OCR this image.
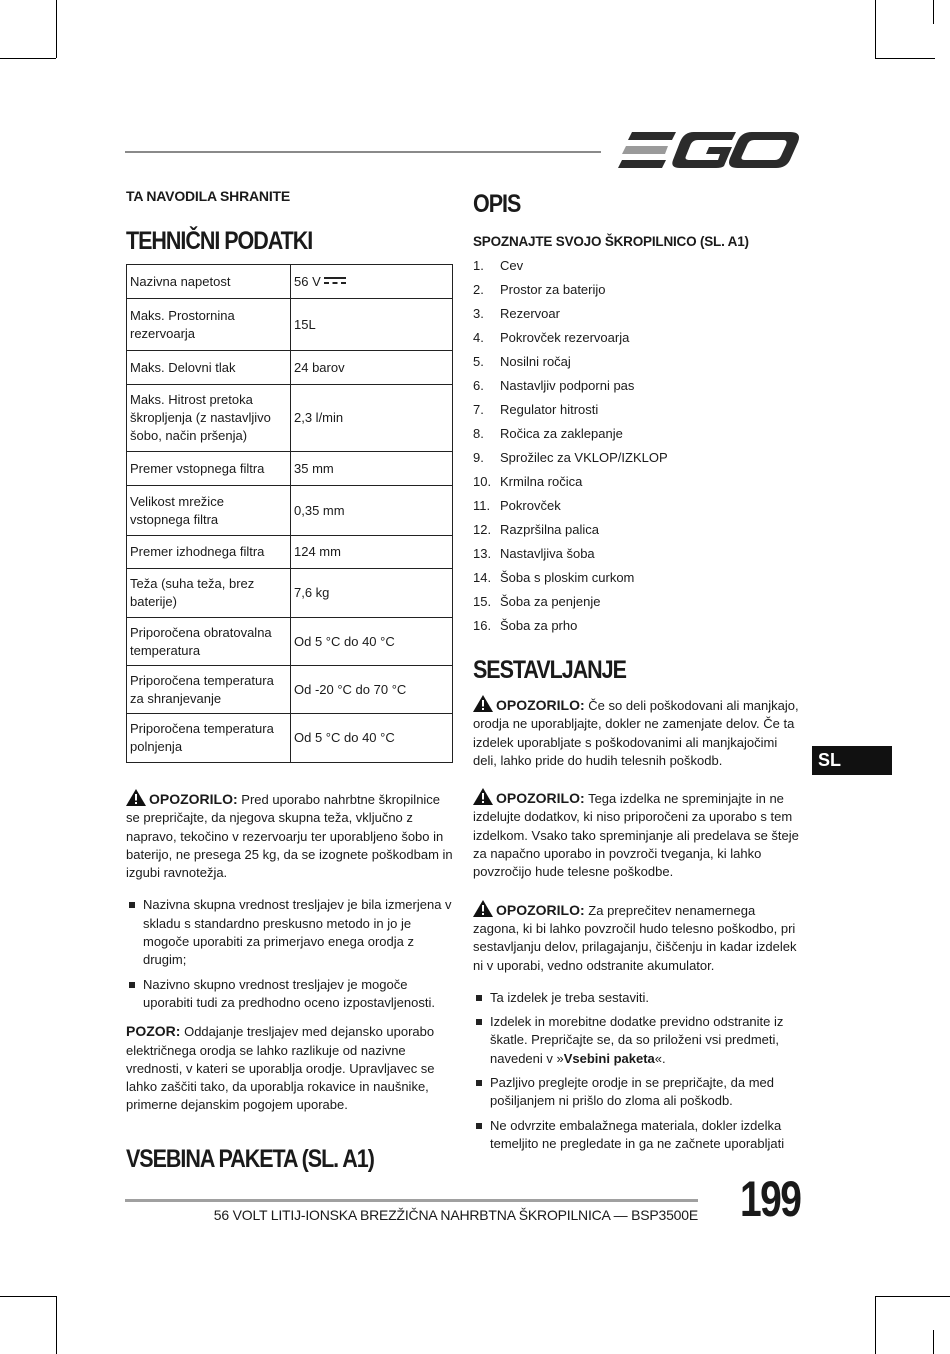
TA NAVODILA SHRANITE

TEHNIČNI PODATKI
Nazivna napetost	56 V
Maks. Prostornina rezervoarja	15L
Maks. Delovni tlak	24 barov
Maks. Hitrost pretoka škropljenja (z nastavljivo šobo, način pršenja)	2,3 l/min
Premer vstopnega filtra	35 mm
Velikost mrežice vstopnega filtra	0,35 mm
Premer izhodnega filtra	124 mm
Teža (suha teža, brez baterije)	7,6 kg
Priporočena obratovalna temperatura	Od 5 °C do 40 °C
Priporočena temperatura za shranjevanje	Od -20 °C do 70 °C
Priporočena temperatura polnjenja	Od 5 °C do 40 °C

OPOZORILO: Pred uporabo nahrbtne škropilnice se prepričajte, da njegova skupna teža, vključno z napravo, tekočino v rezervoarju ter uporabljeno šobo in baterijo, ne presega 25 kg, da se izognete poškodbam in izgubi ravnotežja.

Nazivna skupna vrednost tresljajev je bila izmerjena v skladu s standardno preskusno metodo in jo je mogoče uporabiti za primerjavo enega orodja z drugim;
Nazivno skupno vrednost tresljajev je mogoče uporabiti tudi za predhodno oceno izpostavljenosti.

POZOR: Oddajanje tresljajev med dejansko uporabo električnega orodja se lahko razlikuje od nazivne vrednosti, v kateri se uporablja orodje. Upravljavec se lahko zaščiti tako, da uporablja rokavice in naušnike, primerne dejanskim pogojem uporabe.

VSEBINA PAKETA (SL. A1)
OPIS

SPOZNAJTE SVOJO ŠKROPILNICO (SL. A1)

1.	Cev
2.	Prostor za baterijo
3.	Rezervoar
4.	Pokrovček rezervoarja
5.	Nosilni ročaj
6.	Nastavljiv podporni pas
7.	Regulator hitrosti
8.	Ročica za zaklepanje
9.	Sprožilec za VKLOP/IZKLOP
10. Krmilna ročica
11. Pokrovček
12. Razpršilna palica
13. Nastavljiva šoba
14. Šoba s ploskim curkom
15. Šoba za penjenje
16. Šoba za prho
SESTAVLJANJE

OPOZORILO: Če so deli poškodovani ali manjkajo, orodja ne uporabljajte, dokler ne zamenjate delov. Če ta izdelek uporabljate s poškodovanimi ali manjkajočimi deli, lahko pride do hudih telesnih poškodb.

OPOZORILO: Tega izdelka ne spreminjajte in ne izdelujte dodatkov, ki niso priporočeni za uporabo s tem izdelkom. Vsako tako spreminjanje ali predelava se šteje za napačno uporabo in povzroči tveganja, ki lahko povzročijo hude telesne poškodbe.

OPOZORILO: Za preprečitev nenamernega zagona, ki bi lahko povzročil hudo telesno poškodbo, pri sestavljanju delov, prilagajanju, čiščenju in kadar izdelek ni v uporabi, vedno odstranite akumulator.

Ta izdelek je treba sestaviti.
Izdelek in morebitne dodatke previdno odstranite iz škatle. Prepričajte se, da so priloženi vsi predmeti, navedeni v »Vsebini paketa«.
Pazljivo preglejte orodje in se prepričajte, da med pošiljanjem ni prišlo do zloma ali poškodb.
Ne odvrzite embalažnega materiala, dokler izdelka temeljito ne pregledate in ga ne začnete uporabljati
SL
56 VOLT LITIJ-IONSKA BREZŽIČNA NAHRBTNA ŠKROPILNICA — BSP3500E 199
